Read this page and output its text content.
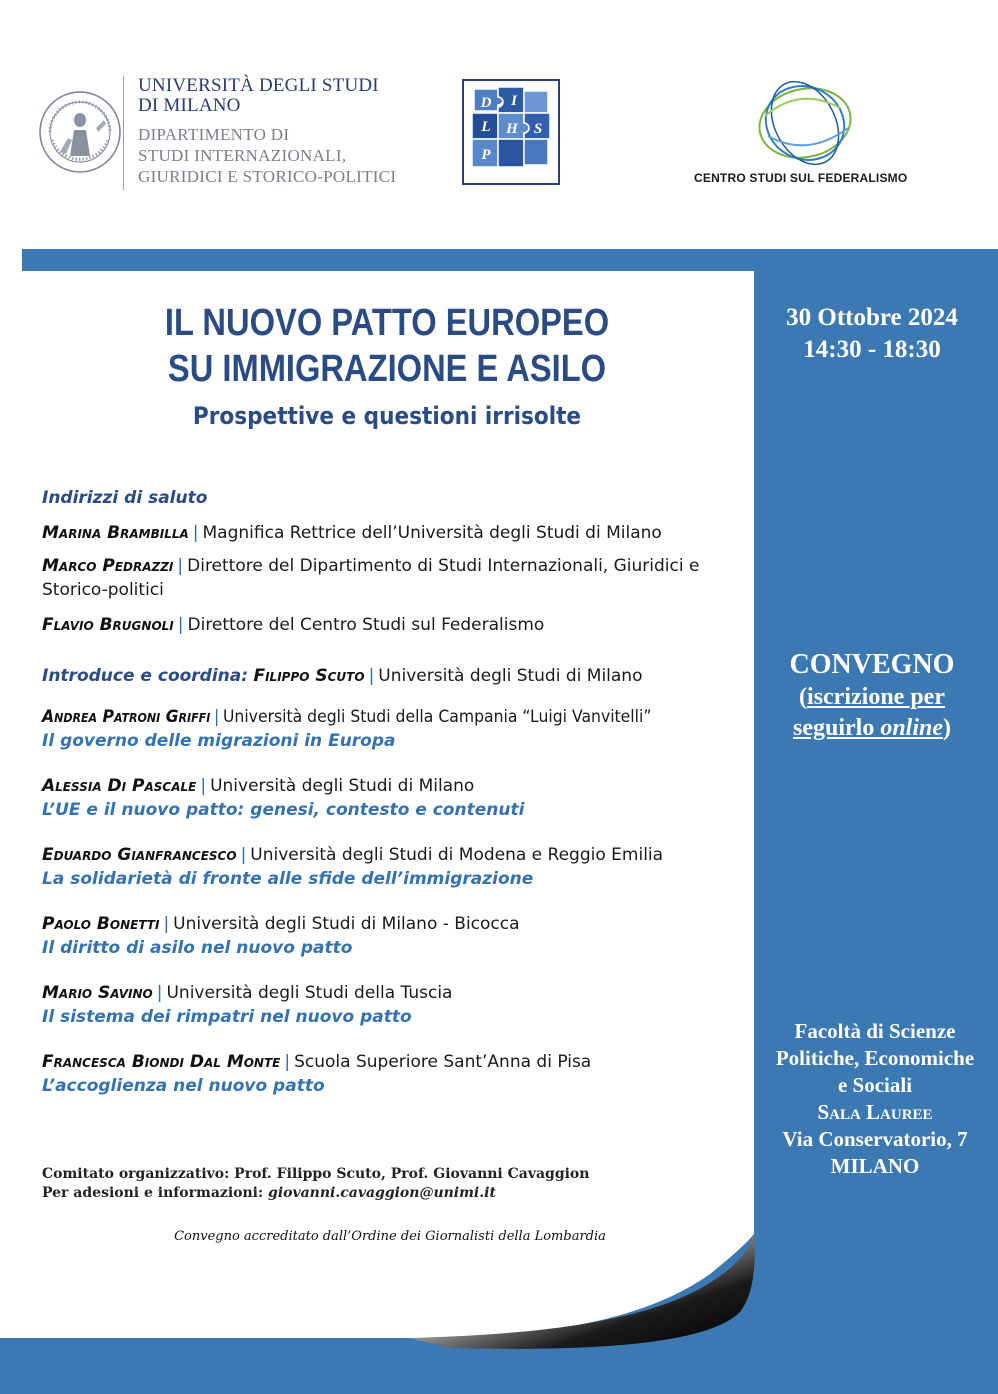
UNIVERSITÀ DEGLI STUDI
DI MILANO
DIPARTIMENTO DI
STUDI INTERNAZIONALI,
GIURIDICI E STORICO-POLITICI
D I
L H S
P
CENTRO STUDI SUL FEDERALISMO
IL NUOVO PATTO EUROPEO
SU IMMIGRAZIONE E ASILO
Prospettive e questioni irrisolte
Indirizzi di saluto
Marina Brambilla | Magnifica Rettrice dell’Università degli Studi di Milano
Marco Pedrazzi | Direttore del Dipartimento di Studi Internazionali, Giuridici e
Storico-politici
Flavio Brugnoli | Direttore del Centro Studi sul Federalismo
Introduce e coordina: Filippo Scuto | Università degli Studi di Milano
Andrea Patroni Griffi | Università degli Studi della Campania “Luigi Vanvitelli”
Il governo delle migrazioni in Europa
Alessia Di Pascale | Università degli Studi di Milano
L’UE e il nuovo patto: genesi, contesto e contenuti
Eduardo Gianfrancesco | Università degli Studi di Modena e Reggio Emilia
La solidarietà di fronte alle sfide dell’immigrazione
Paolo Bonetti | Università degli Studi di Milano - Bicocca
Il diritto di asilo nel nuovo patto
Mario Savino | Università degli Studi della Tuscia
Il sistema dei rimpatri nel nuovo patto
Francesca Biondi Dal Monte | Scuola Superiore Sant’Anna di Pisa
L’accoglienza nel nuovo patto
Comitato organizzativo: Prof. Filippo Scuto, Prof. Giovanni Cavaggion
Per adesioni e informazioni: giovanni.cavaggion@unimi.it
Convegno accreditato dall’Ordine dei Giornalisti della Lombardia
30 Ottobre 2024
14:30 - 18:30
CONVEGNO
(iscrizione per
seguirlo online)
Facoltà di Scienze
Politiche, Economiche
e Sociali
Sala Lauree
Via Conservatorio, 7
MILANO
